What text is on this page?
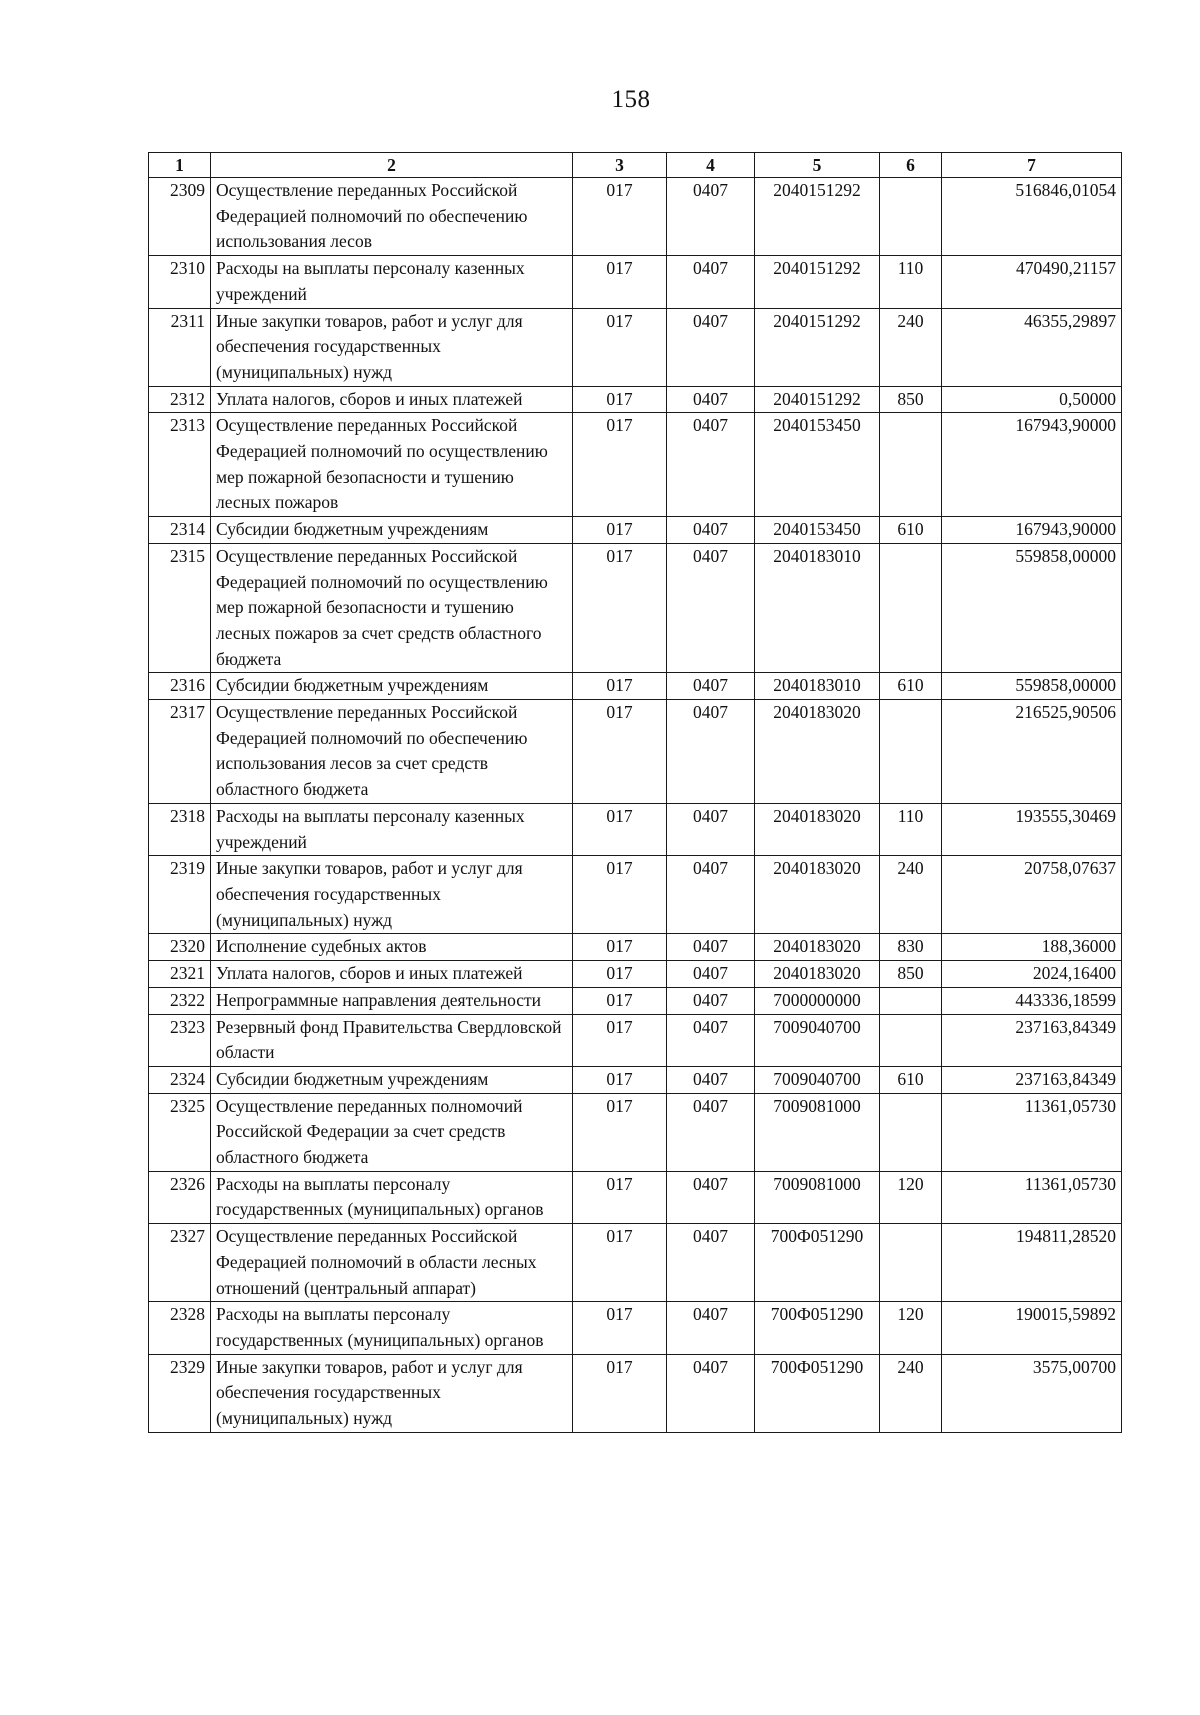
158
1	2	3	4	5	6	7
2309	Осуществление переданных Российской Федерацией полномочий по обеспечению использования лесов	017	0407	2040151292		516846,01054
2310	Расходы на выплаты персоналу казенных учреждений	017	0407	2040151292	110	470490,21157
2311	Иные закупки товаров, работ и услуг для обеспечения государственных (муниципальных) нужд	017	0407	2040151292	240	46355,29897
2312	Уплата налогов, сборов и иных платежей	017	0407	2040151292	850	0,50000
2313	Осуществление переданных Российской Федерацией полномочий по осуществлению мер пожарной безопасности и тушению лесных пожаров	017	0407	2040153450		167943,90000
2314	Субсидии бюджетным учреждениям	017	0407	2040153450	610	167943,90000
2315	Осуществление переданных Российской Федерацией полномочий по осуществлению мер пожарной безопасности и тушению лесных пожаров за счет средств областного бюджета	017	0407	2040183010		559858,00000
2316	Субсидии бюджетным учреждениям	017	0407	2040183010	610	559858,00000
2317	Осуществление переданных Российской Федерацией полномочий по обеспечению использования лесов за счет средств областного бюджета	017	0407	2040183020		216525,90506
2318	Расходы на выплаты персоналу казенных учреждений	017	0407	2040183020	110	193555,30469
2319	Иные закупки товаров, работ и услуг для обеспечения государственных (муниципальных) нужд	017	0407	2040183020	240	20758,07637
2320	Исполнение судебных актов	017	0407	2040183020	830	188,36000
2321	Уплата налогов, сборов и иных платежей	017	0407	2040183020	850	2024,16400
2322	Непрограммные направления деятельности	017	0407	7000000000		443336,18599
2323	Резервный фонд Правительства Свердловской области	017	0407	7009040700		237163,84349
2324	Субсидии бюджетным учреждениям	017	0407	7009040700	610	237163,84349
2325	Осуществление переданных полномочий Российской Федерации за счет средств областного бюджета	017	0407	7009081000		11361,05730
2326	Расходы на выплаты персоналу государственных (муниципальных) органов	017	0407	7009081000	120	11361,05730
2327	Осуществление переданных Российской Федерацией полномочий в области лесных отношений (центральный аппарат)	017	0407	700Ф051290		194811,28520
2328	Расходы на выплаты персоналу государственных (муниципальных) органов	017	0407	700Ф051290	120	190015,59892
2329	Иные закупки товаров, работ и услуг для обеспечения государственных (муниципальных) нужд	017	0407	700Ф051290	240	3575,00700
